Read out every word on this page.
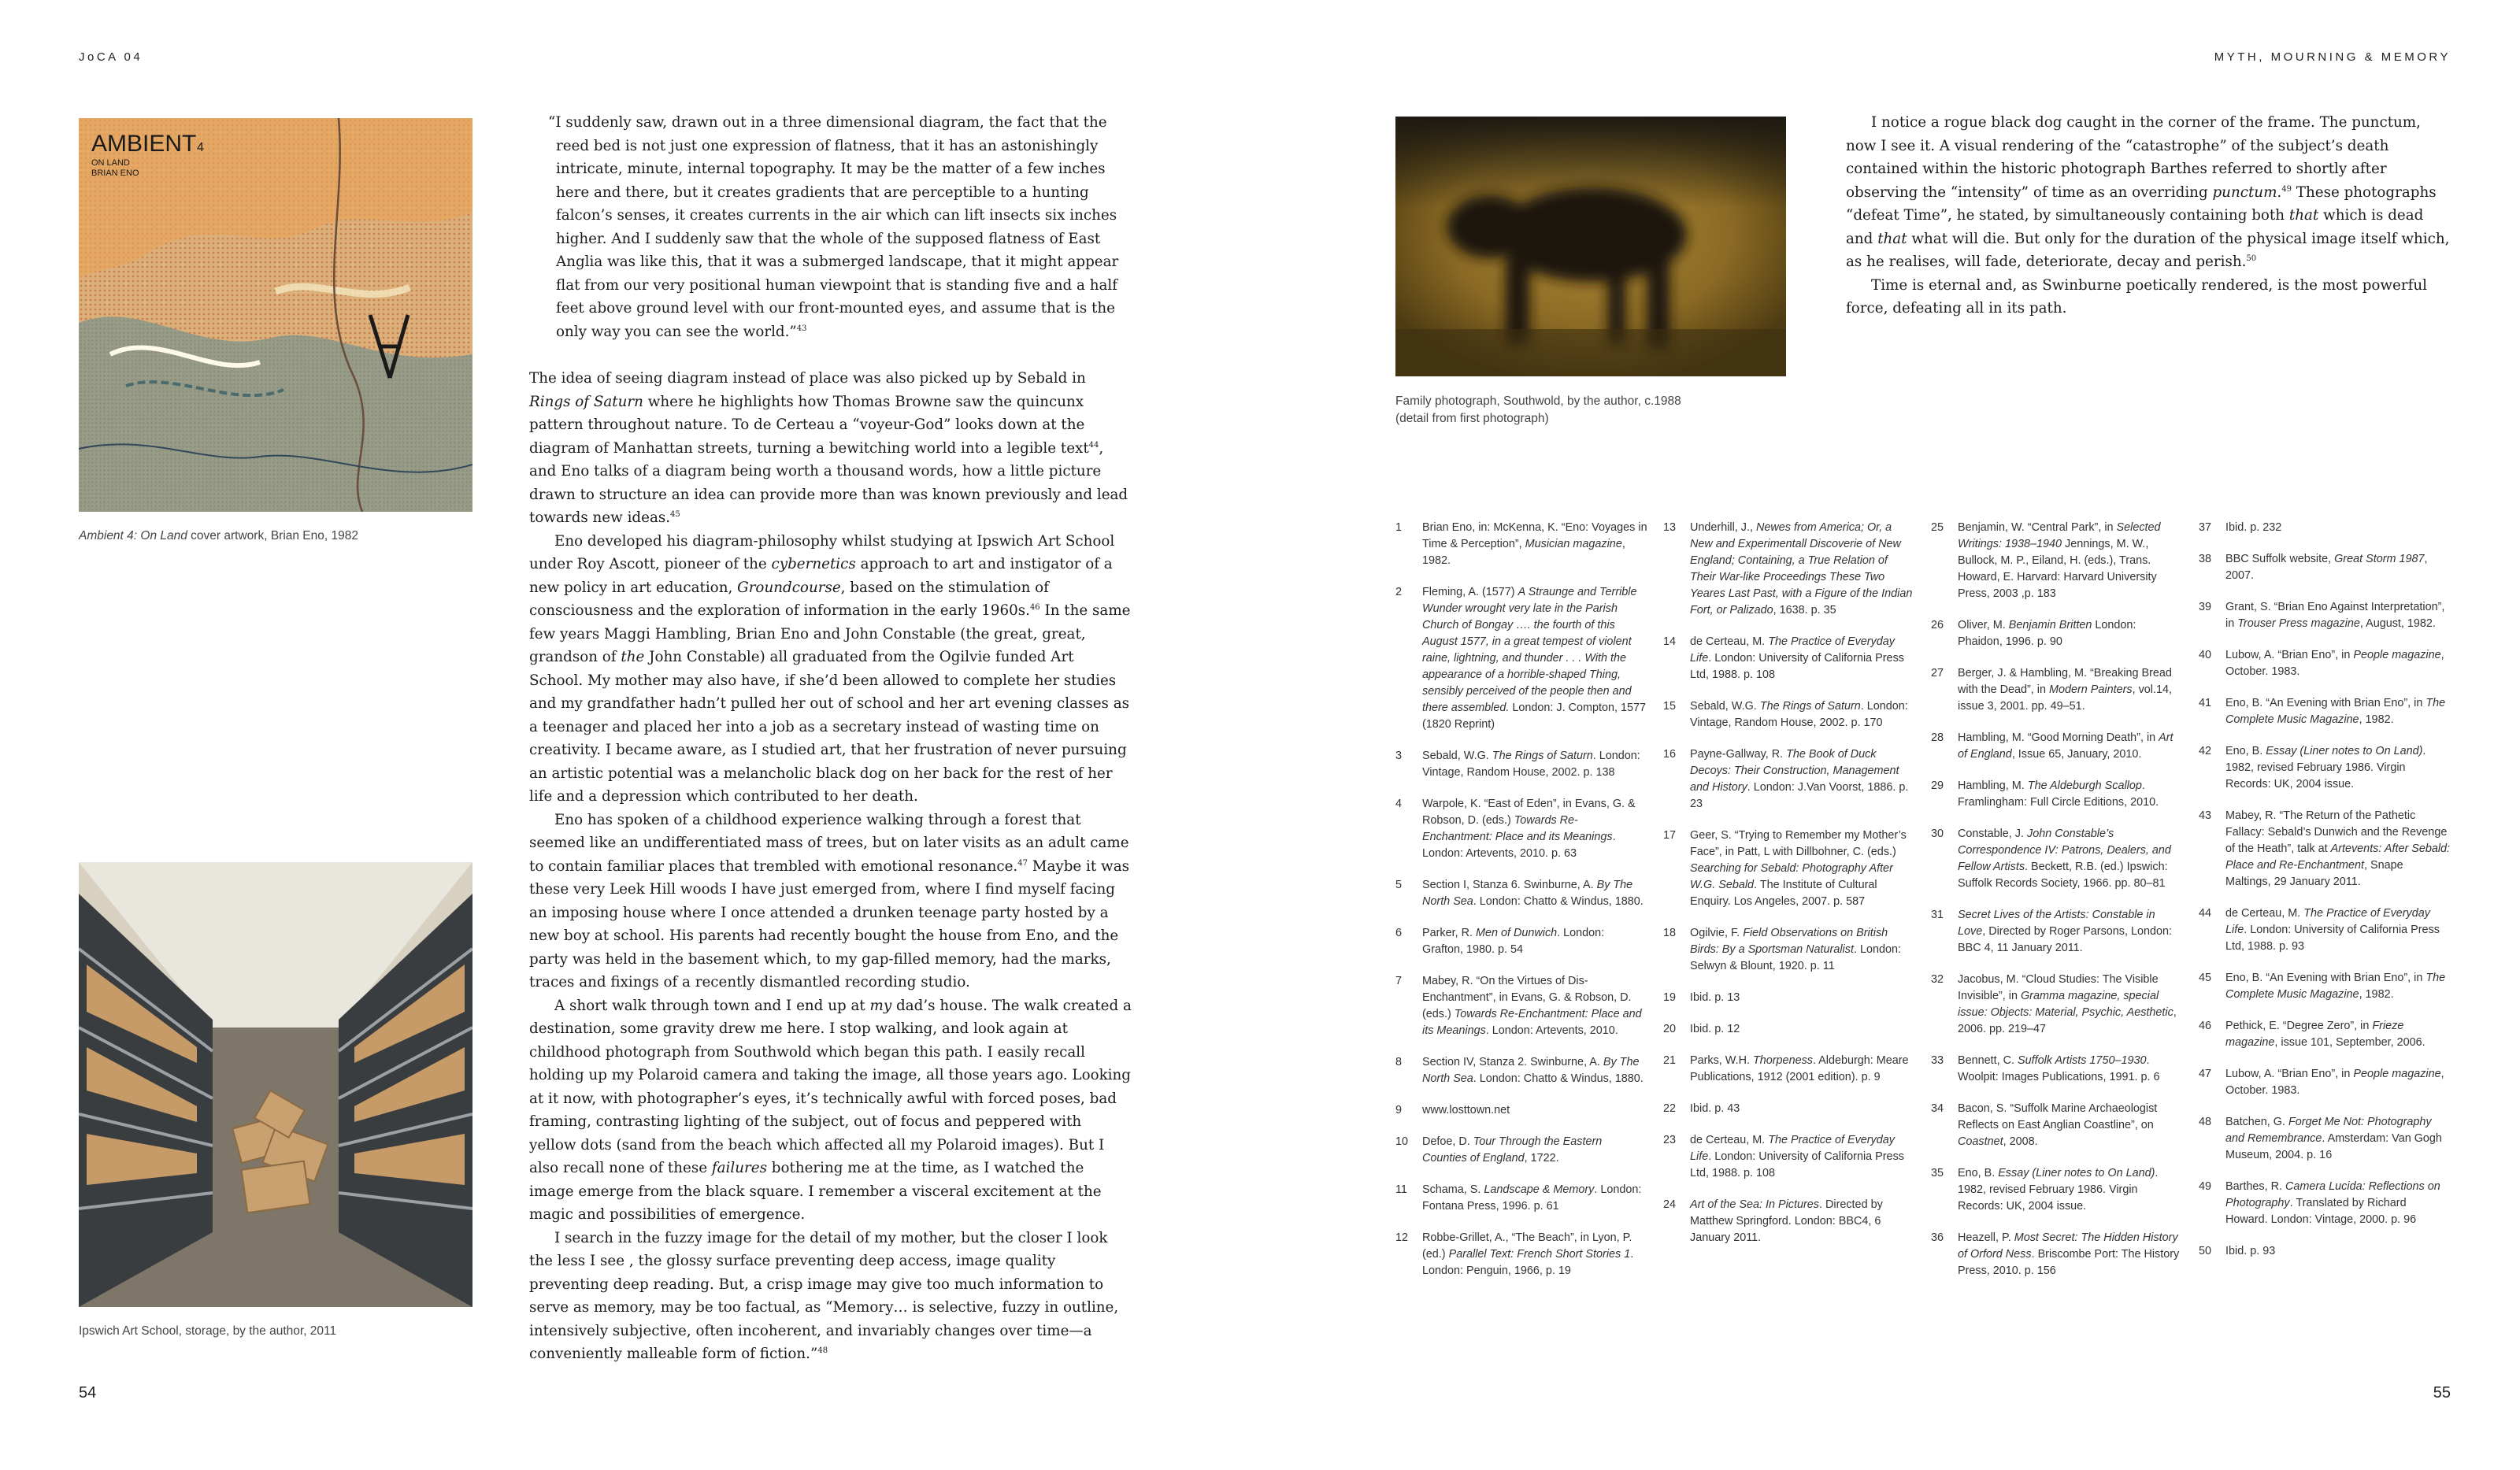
JoCA 04	MYTH, MOURNING & MEMORY
54	55
AMBIENT 4
ON LAND
BRIAN ENO
Ambient 4: On Land cover artwork, Brian Eno, 1982
Ipswich Art School, storage, by the author, 2011
Family photograph, Southwold, by the author, c.1988
(detail from first photograph)

“I suddenly saw, drawn out in a three dimensional diagram, the fact that the reed bed is not just one expression of flatness, that it has an astonishingly intricate, minute, internal topography. It may be the matter of a few inches here and there, but it creates gradients that are perceptible to a hunting falcon’s senses, it creates currents in the air which can lift insects six inches higher. And I suddenly saw that the whole of the supposed flatness of East Anglia was like this, that it was a submerged landscape, that it might appear flat from our very positional human viewpoint that is standing five and a half feet above ground level with our front-mounted eyes, and assume that is the only way you can see the world.”$^{43}$

The idea of seeing diagram instead of place was also picked up by Sebald in Rings of Saturn where he highlights how Thomas Browne saw the quincunx pattern throughout nature. To de Certeau a “voyeur-God” looks down at the diagram of Manhattan streets, turning a bewitching world into a legible text$^{44}$, and Eno talks of a diagram being worth a thousand words, how a little picture drawn to structure an idea can provide more than was known previously and lead towards new ideas.$^{45}$

Eno developed his diagram-philosophy whilst studying at Ipswich Art School under Roy Ascott, pioneer of the cybernetics approach to art and instigator of a new policy in art education, Groundcourse, based on the stimulation of consciousness and the exploration of information in the early 1960s.$^{46}$ In the same few years Maggi Hambling, Brian Eno and John Constable (the great, great, grandson of the John Constable) all graduated from the Ogilvie funded Art School. My mother may also have, if she’d been allowed to complete her studies and my grandfather hadn’t pulled her out of school and her art evening classes as a teenager and placed her into a job as a secretary instead of wasting time on creativity. I became aware, as I studied art, that her frustration of never pursuing an artistic potential was a melancholic black dog on her back for the rest of her life and a depression which contributed to her death.

Eno has spoken of a childhood experience walking through a forest that seemed like an undifferentiated mass of trees, but on later visits as an adult came to contain familiar places that trembled with emotional resonance.$^{47}$ Maybe it was these very Leek Hill woods I have just emerged from, where I find myself facing an imposing house where I once attended a drunken teenage party hosted by a new boy at school. His parents had recently bought the house from Eno, and the party was held in the basement which, to my gap-filled memory, had the marks, traces and fixings of a recently dismantled recording studio.

A short walk through town and I end up at my dad’s house. The walk created a destination, some gravity drew me here. I stop walking, and look again at childhood photograph from Southwold which began this path. I easily recall holding up my Polaroid camera and taking the image, all those years ago. Looking at it now, with photographer’s eyes, it’s technically awful with forced poses, bad framing, contrasting lighting of the subject, out of focus and peppered with yellow dots (sand from the beach which affected all my Polaroid images). But I also recall none of these failures bothering me at the time, as I watched the image emerge from the black square. I remember a visceral excitement at the magic and possibilities of emergence.

I search in the fuzzy image for the detail of my mother, but the closer I look the less I see , the glossy surface preventing deep access, image quality preventing deep reading. But, a crisp image may give too much information to serve as memory, may be too factual, as “Memory… is selective, fuzzy in outline, intensively subjective, often incoherent, and invariably changes over time—a conveniently malleable form of fiction.”$^{48}$

I notice a rogue black dog caught in the corner of the frame. The punctum, now I see it. A visual rendering of the “catastrophe” of the subject’s death contained within the historic photograph Barthes referred to shortly after observing the “intensity” of time as an overriding punctum.$^{49}$ These photographs “defeat Time”, he stated, by simultaneously containing both that which is dead and that what will die. But only for the duration of the physical image itself which, as he realises, will fade, deteriorate, decay and perish.$^{50}$

Time is eternal and, as Swinburne poetically rendered, is the most powerful force, defeating all in its path.

1	Brian Eno, in: McKenna, K. “Eno: Voyages in Time & Perception”, Musician magazine, 1982.
2	Fleming, A. (1577) A Straunge and Terrible Wunder wrought very late in the Parish Church of Bongay …. the fourth of this August 1577, in a great tempest of violent raine, lightning, and thunder . . . With the appearance of a horrible-shaped Thing, sensibly perceived of the people then and there assembled. London: J. Compton, 1577 (1820 Reprint)
3	Sebald, W.G. The Rings of Saturn. London: Vintage, Random House, 2002. p. 138
4	Warpole, K. “East of Eden”, in Evans, G. & Robson, D. (eds.) Towards Re-Enchantment: Place and its Meanings. London: Artevents, 2010. p. 63
5	Section I, Stanza 6. Swinburne, A. By The North Sea. London: Chatto & Windus, 1880.
6	Parker, R. Men of Dunwich. London: Grafton, 1980. p. 54
7	Mabey, R. “On the Virtues of Dis-Enchantment”, in Evans, G. & Robson, D. (eds.) Towards Re-Enchantment: Place and its Meanings. London: Artevents, 2010.
8	Section IV, Stanza 2. Swinburne, A. By The North Sea. London: Chatto & Windus, 1880.
9	www.losttown.net
10	Defoe, D. Tour Through the Eastern Counties of England, 1722.
11	Schama, S. Landscape & Memory. London: Fontana Press, 1996. p. 61
12	Robbe-Grillet, A., “The Beach”, in Lyon, P. (ed.) Parallel Text: French Short Stories 1. London: Penguin, 1966, p. 19
13	Underhill, J., Newes from America; Or, a New and Experimentall Discoverie of New England; Containing, a True Relation of Their War-like Proceedings These Two Yeares Last Past, with a Figure of the Indian Fort, or Palizado, 1638. p. 35
14	de Certeau, M. The Practice of Everyday Life. London: University of California Press Ltd, 1988. p. 108
15	Sebald, W.G. The Rings of Saturn. London: Vintage, Random House, 2002. p. 170
16	Payne-Gallway, R. The Book of Duck Decoys: Their Construction, Management and History. London: J.Van Voorst, 1886. p. 23
17	Geer, S. “Trying to Remember my Mother’s Face”, in Patt, L with Dillbohner, C. (eds.) Searching for Sebald: Photography After W.G. Sebald. The Institute of Cultural Enquiry. Los Angeles, 2007. p. 587
18	Ogilvie, F. Field Observations on British Birds: By a Sportsman Naturalist. London: Selwyn & Blount, 1920. p. 11
19	Ibid. p. 13
20	Ibid. p. 12
21	Parks, W.H. Thorpeness. Aldeburgh: Meare Publications, 1912 (2001 edition). p. 9
22	Ibid. p. 43
23	de Certeau, M. The Practice of Everyday Life. London: University of California Press Ltd, 1988. p. 108
24	Art of the Sea: In Pictures. Directed by Matthew Springford. London: BBC4, 6 January 2011.
25	Benjamin, W. “Central Park”, in Selected Writings: 1938–1940 Jennings, M. W., Bullock, M. P., Eiland, H. (eds.), Trans. Howard, E. Harvard: Harvard University Press, 2003 ,p. 183
26	Oliver, M. Benjamin Britten London: Phaidon, 1996. p. 90
27	Berger, J. & Hambling, M. “Breaking Bread with the Dead”, in Modern Painters, vol.14, issue 3, 2001. pp. 49–51.
28	Hambling, M. “Good Morning Death”, in Art of England, Issue 65, January, 2010.
29	Hambling, M. The Aldeburgh Scallop. Framlingham: Full Circle Editions, 2010.
30	Constable, J. John Constable’s Correspondence IV: Patrons, Dealers, and Fellow Artists. Beckett, R.B. (ed.) Ipswich: Suffolk Records Society, 1966. pp. 80–81
31	Secret Lives of the Artists: Constable in Love, Directed by Roger Parsons, London: BBC 4, 11 January 2011.
32	Jacobus, M. “Cloud Studies: The Visible Invisible”, in Gramma magazine, special issue: Objects: Material, Psychic, Aesthetic, 2006. pp. 219–47
33	Bennett, C. Suffolk Artists 1750–1930. Woolpit: Images Publications, 1991. p. 6
34	Bacon, S. “Suffolk Marine Archaeologist Reflects on East Anglian Coastline”, on Coastnet, 2008.
35	Eno, B. Essay (Liner notes to On Land). 1982, revised February 1986. Virgin Records: UK, 2004 issue.
36	Heazell, P. Most Secret: The Hidden History of Orford Ness. Briscombe Port: The History Press, 2010. p. 156
37	Ibid. p. 232
38	BBC Suffolk website, Great Storm 1987, 2007.
39	Grant, S. “Brian Eno Against Interpretation”, in Trouser Press magazine, August, 1982.
40	Lubow, A. “Brian Eno”, in People magazine, October. 1983.
41	Eno, B. “An Evening with Brian Eno”, in The Complete Music Magazine, 1982.
42	Eno, B. Essay (Liner notes to On Land). 1982, revised February 1986. Virgin Records: UK, 2004 issue.
43	Mabey, R. “The Return of the Pathetic Fallacy: Sebald’s Dunwich and the Revenge of the Heath”, talk at Artevents: After Sebald: Place and Re-Enchantment, Snape Maltings, 29 January 2011.
44	de Certeau, M. The Practice of Everyday Life. London: University of California Press Ltd, 1988. p. 93
45	Eno, B. “An Evening with Brian Eno”, in The Complete Music Magazine, 1982.
46	Pethick, E. “Degree Zero”, in Frieze magazine, issue 101, September, 2006.
47	Lubow, A. “Brian Eno”, in People magazine, October. 1983.
48	Batchen, G. Forget Me Not: Photography and Remembrance. Amsterdam: Van Gogh Museum, 2004. p. 16
49	Barthes, R. Camera Lucida: Reflections on Photography. Translated by Richard Howard. London: Vintage, 2000. p. 96
50	Ibid. p. 93
